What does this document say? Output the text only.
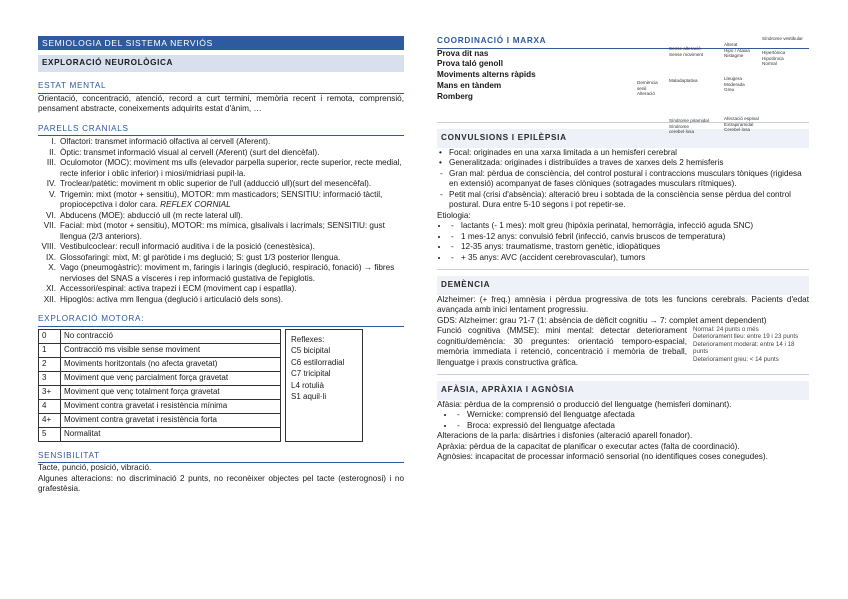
SEMIOLOGIA DEL SISTEMA NERVIÓS
EXPLORACIÓ NEUROLÒGICA
ESTAT MENTAL
Orientació, concentració, atenció, record a curt termini, memòria recent i remota, comprensió, pensament abstracte, coneixements adquirits estat d'ànim, …
PARELLS CRANIALS
I. Olfactori: transmet informació olfactiva al cervell (Aferent).
II. Òptic: transmet informació visual al cervell (Aferent) (surt del diencèfal).
III. Oculomotor (MOC): moviment ms ulls (elevador parpella superior, recte superior, recte medial, recte inferior i oblic inferior) i miosi/midriasi pupil·la.
IV. Troclear/patètic: moviment m oblic superior de l'ull (adducció ull)(surt del mesencèfal).
V. Trigemin: mixt (motor + sensitiu), MOTOR: mm masticadors; SENSITIU: informació tàctil, propiocepctiva i dolor cara. REFLEX CORNIAL
VI. Abducens (MOE): abducció ull (m recte lateral ull).
VII. Facial: mixt (motor + sensitiu), MOTOR: ms mímica, glsalivals i lacrimals; SENSITIU: gust llengua (2/3 anteriors).
VIII. Vestibulcoclear: recull informació auditiva i de la posició (cenestèsica).
IX. Glossofaringi: mixt, M: gl paròtide i ms deglució; S: gust 1/3 posterior llengua.
X. Vago (pneumogàstric): moviment m, faringis i laringis (deglució, respiració, fonació) → fibres nervioses del SNAS a vísceres i rep informació gustativa de l'epiglotis.
XI. Accessori/espinal: activa trapezi i ECM (moviment cap i espatlla).
XII. Hipoglòs: activa mm llengua (deglució i articulació dels sons).
EXPLORACIÓ MOTORA:
0	No contracció
1	Contracció ms visible sense moviment
2	Moviments horitzontals (no afecta gravetat)
3	Moviment que venç parcialment força gravetat
3+	Moviment que venç totalment força gravetat
4	Moviment contra gravetat i resistència mínima
4+	Moviment contra gravetat i resistència forta
5	Normalitat
Reflexes:
C5 bicipital
C6 estilorradial
C7 tricipital
L4 rotulià
S1 aquil·li
SENSIBILITAT
Tacte, punció, posició, vibració.
Algunes alteracions: no discriminació 2 punts, no reconèixer objectes pel tacte (esterognosi) i no grafestèsia.
COORDINACIÓ I MARXA
Prova dit nas
Prova taló genoll
Moviments alterns ràpids
Mans en tàndem
Romberg
Síndrome vestibular
Sense alteració
Sense moviment
Alterat
Hipo / Ataxia
Nistagme
Demència senil
Alteració
Maladaptativa	Lleugera
Moderada
Greu
Hipertònica
Hipotònica
Normal
Afectació espinal
Extrapiramidal
Cerebel·losa
Síndrome piramidal
Síndrome cerebel·losa
CONVULSIONS I EPILÈPSIA
• Focal: originades en una xarxa limitada a un hemisferi cerebral
• Generalitzada: originades i distribuïdes a traves de xarxes dels 2 hemisferis
- Gran mal: pèrdua de consciència, del control postural i contraccions musculars tòniques (rigidesa en extensió) acompanyat de fases clòniques (sotragades musculars rítmiques).
- Petit mal (crisi d'absència): alteració breu i sobtada de la consciència sense pèrdua del control postural. Dura entre 5-10 segons i pot repetir-se.
Etiologia:
- • lactants (- 1 mes): molt greu (hipòxia perinatal, hemorràgia, infecció aguda SNC)
- • 1 mes-12 anys: convulsió febril (infecció, canvis bruscos de temperatura)
- • 12-35 anys: traumatisme, trastorn genètic, idiopàtiques
- • + 35 anys: AVC (accident cerebrovascular), tumors
DEMÈNCIA
Alzheimer: (+ freq.) amnèsia i pèrdua progressiva de tots les funcions cerebrals. Pacients d'edat avançada amb inici lentament progressiu.
GDS: Alzheimer: grau ?1-7 (1: absència de dèficit cognitiu → 7: complet ament dependent)
Funció cognitiva (MMSE): mini mental: detectar deteriorament cognitiu/demència: 30 preguntes: orientació temporo-espacial, memòria immediata i retenció, concentració i memòria de treball, llenguatge i praxis constructiva gràfica.
Normal: 24 punts o més
Deteriorament lleu: entre 19 i 23 punts
Deteriorament moderat: entre 14 i 18 punts
Deteriorament greu: < 14 punts
AFÀSIA, APRÀXIA I AGNÒSIA
Afàsia: pèrdua de la comprensió o producció del llenguatge (hemisferi dominant).
- • Wernicke: comprensió del llenguatge afectada
- • Broca: expressió del llenguatge afectada
Alteracions de la parla: disàrtries i disfonies (alteració aparell fonador).
Apràxia: pèrdua de la capacitat de planificar o executar actes (falta de coordinació).
Agnòsies: incapacitat de processar informació sensorial (no identifiques coses conegudes).
